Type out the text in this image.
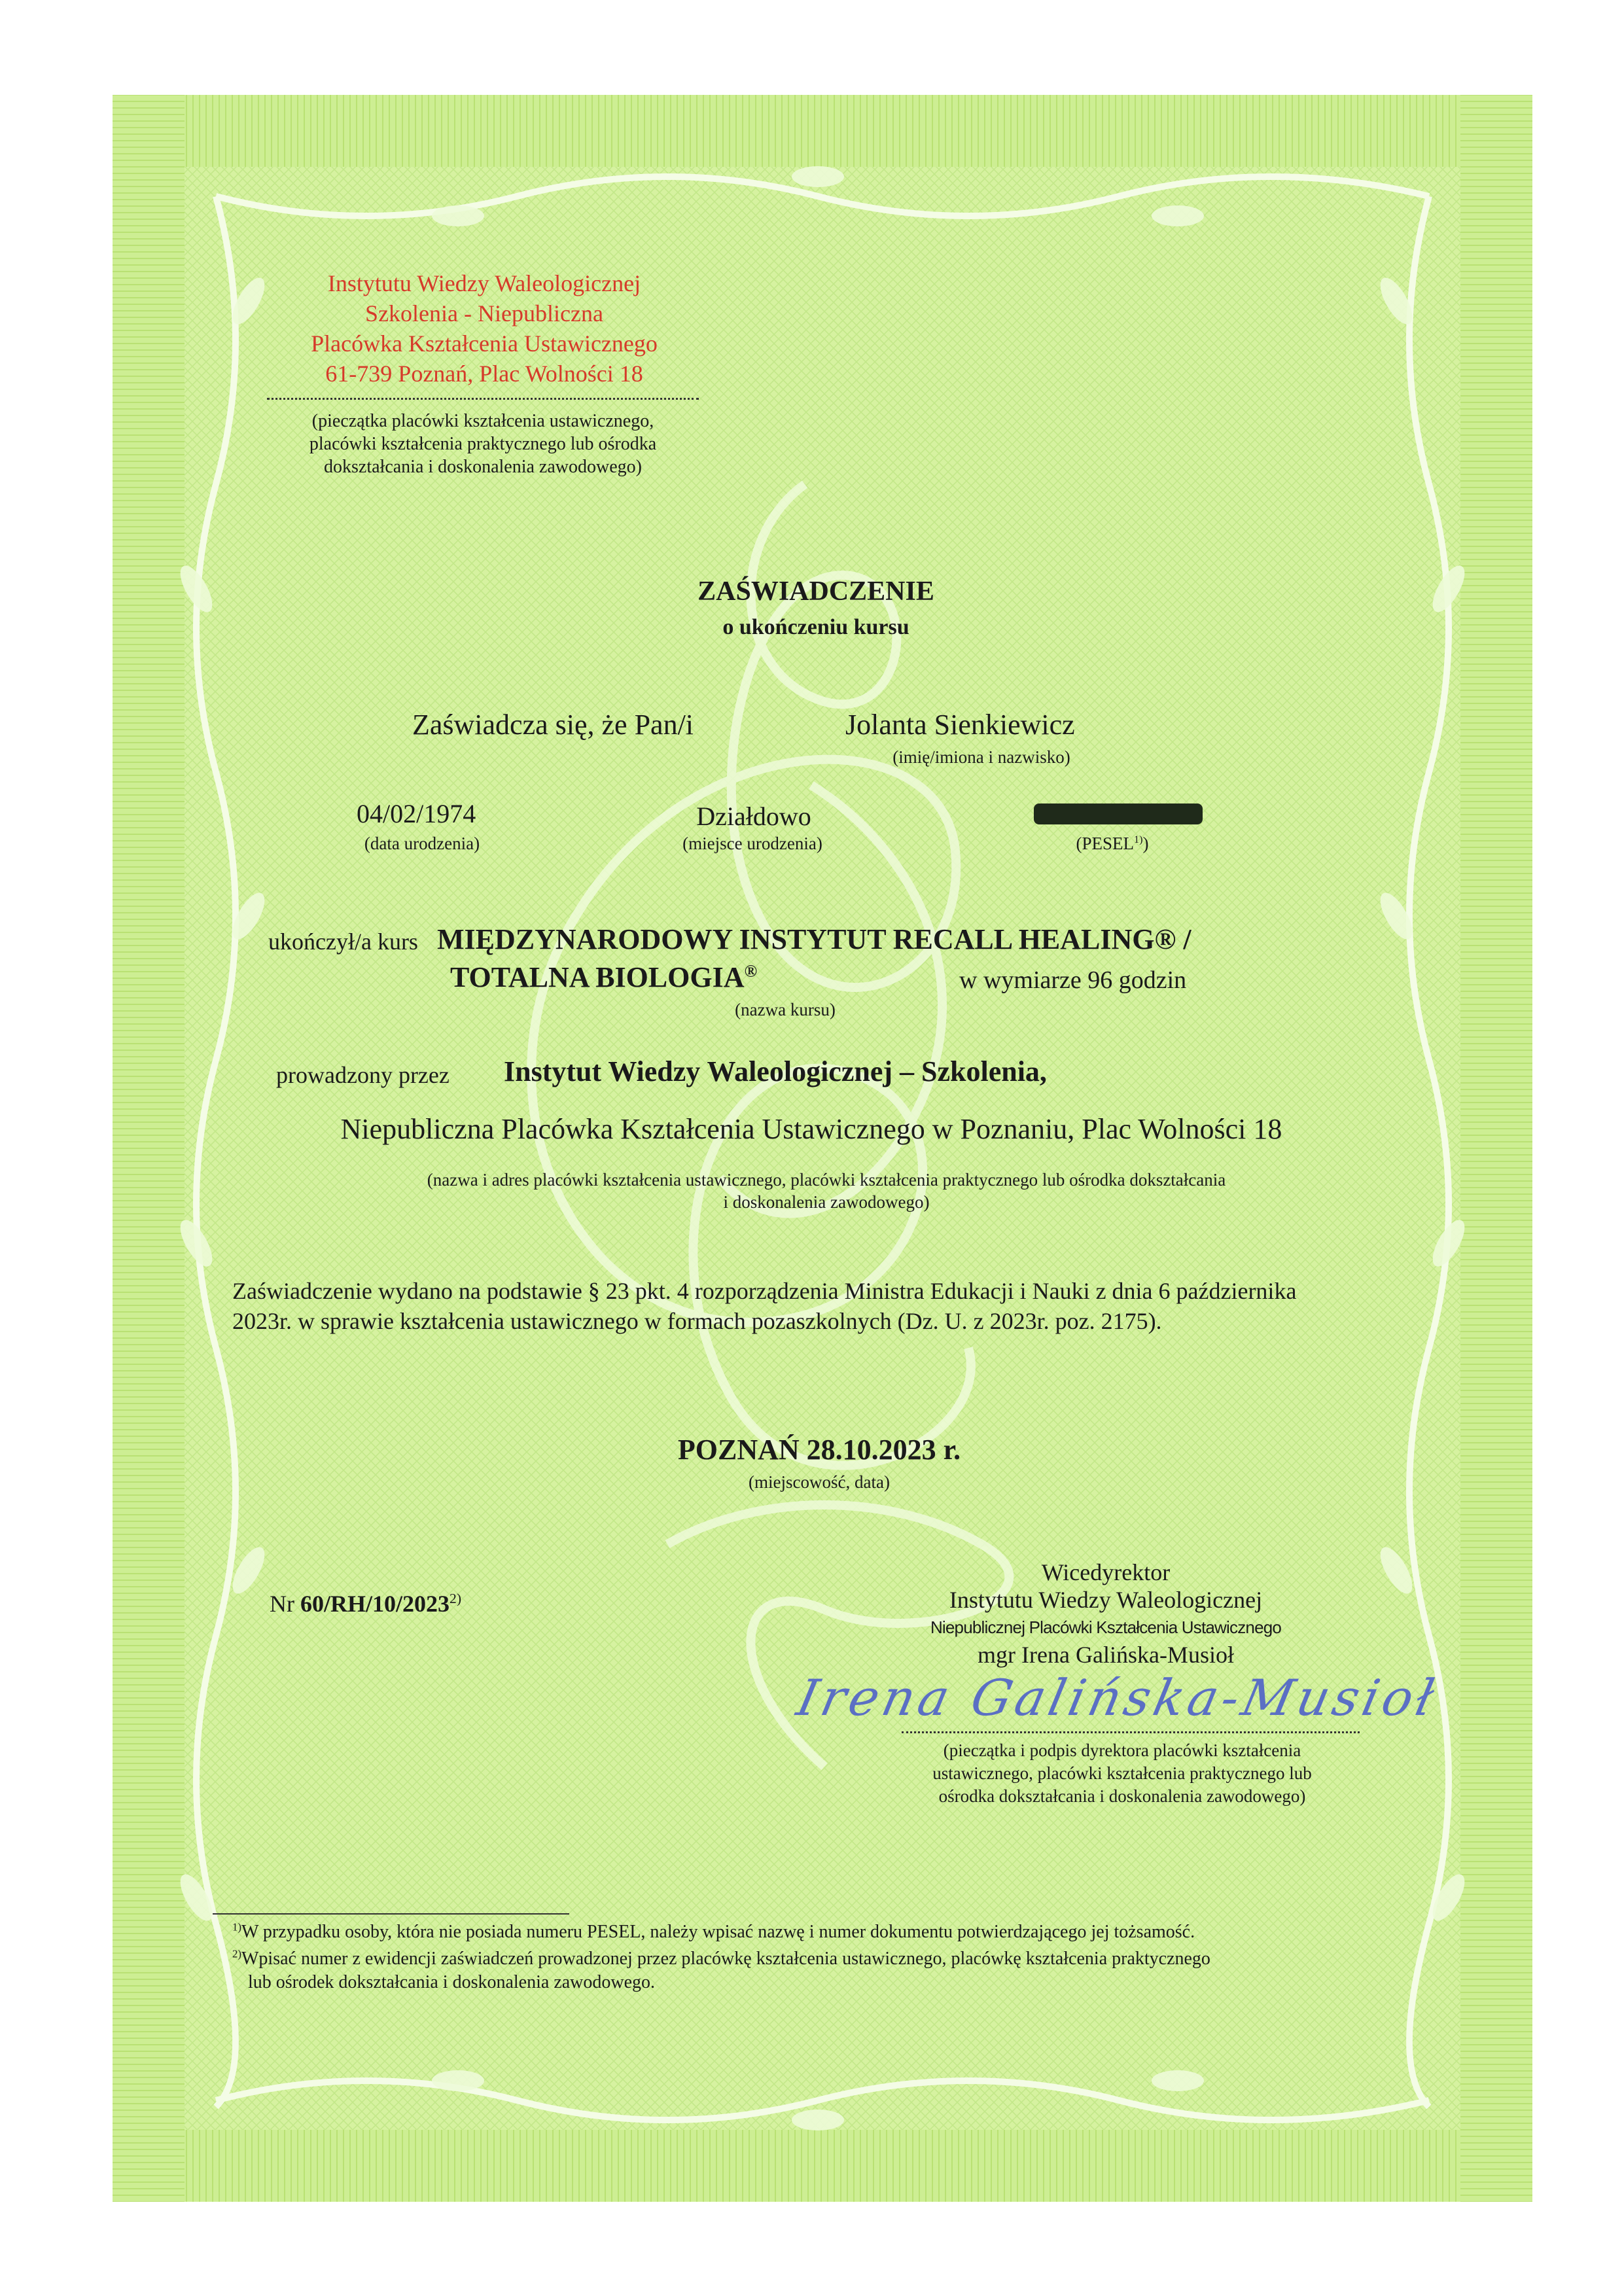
Instytutu Wiedzy Waleologicznej
Szkolenia - Niepubliczna
Placówka Kształcenia Ustawicznego
61-739 Poznań, Plac Wolności 18
(pieczątka placówki kształcenia ustawicznego,
placówki kształcenia praktycznego lub ośrodka
dokształcania i doskonalenia zawodowego)
ZAŚWIADCZENIE
o ukończeniu kursu
Zaświadcza się, że Pan/i	Jolanta Sienkiewicz
(imię/imiona i nazwisko)
04/02/1974
(data urodzenia)
Działdowo
(miejsce urodzenia)	(PESEL$^{1)}$)
ukończył/a kurs MIĘDZYNARODOWY INSTYTUT RECALL HEALING® /
TOTALNA BIOLOGIA®	w wymiarze 96 godzin
(nazwa kursu)
prowadzony przez Instytut Wiedzy Waleologicznej – Szkolenia,
Niepubliczna Placówka Kształcenia Ustawicznego w Poznaniu, Plac Wolności 18
(nazwa i adres placówki kształcenia ustawicznego, placówki kształcenia praktycznego lub ośrodka dokształcania
i doskonalenia zawodowego)
Zaświadczenie wydano na podstawie § 23 pkt. 4 rozporządzenia Ministra Edukacji i Nauki z dnia 6 października
2023r. w sprawie kształcenia ustawicznego w formach pozaszkolnych (Dz. U. z 2023r. poz. 2175).
POZNAŃ 28.10.2023 r.
(miejscowość, data)
Nr 60/RH/10/2023$^{2)}$
Wicedyrektor
Instytutu Wiedzy Waleologicznej
Niepublicznej Placówki Kształcenia Ustawicznego
mgr Irena Galińska-Musioł
Irena Galińska-Musioł
(pieczątka i podpis dyrektora placówki kształcenia
ustawicznego, placówki kształcenia praktycznego lub
ośrodka dokształcania i doskonalenia zawodowego)
$^{1)}$W przypadku osoby, która nie posiada numeru PESEL, należy wpisać nazwę i numer dokumentu potwierdzającego jej tożsamość.
$^{2)}$Wpisać numer z ewidencji zaświadczeń prowadzonej przez placówkę kształcenia ustawicznego, placówkę kształcenia praktycznego
lub ośrodek dokształcania i doskonalenia zawodowego.
